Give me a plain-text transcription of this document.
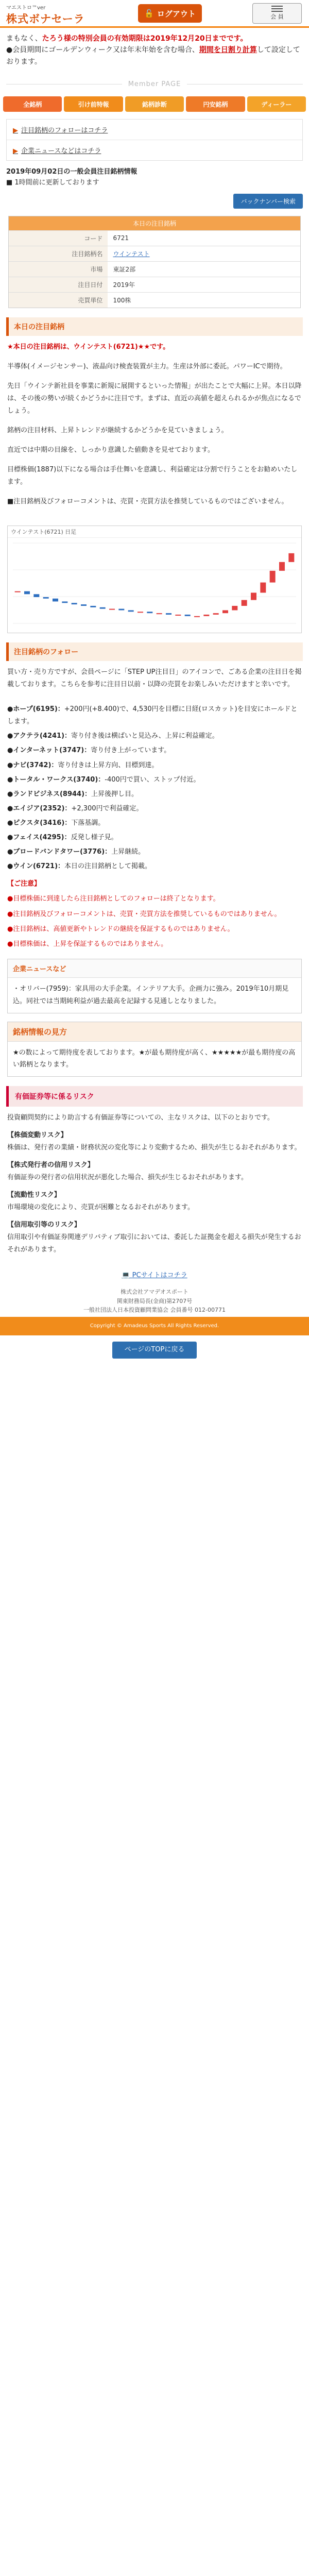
マエストロ™ver
株式ボナセーラ	🔓 ログアウト	会 員
まもなく、たろう様の特別会員の有効期限は2019年12月20日までです。
●会員期間にゴールデンウィーク又は年末年始を含む場合、期間を日割り計算して設定しております。
Member PAGE
全銘柄	引け前特報	銘柄診断	円安銘柄	ディーラー
▶ 注目銘柄のフォローはコチラ
▶ 企業ニュースなどはコチラ
2019年09月02日の一般会員注目銘柄情報
■ 1時間前に更新しております
バックナンバー検索
本日の注目銘柄
コード	6721
注目銘柄名	ウインテスト
市場	東証2部
注目日付	2019年
売買単位	100株
本日の注目銘柄

★本日の注目銘柄は、ウインテスト(6721)★★です。

半導体(イメージセンサー)、液晶向け検査装置が主力。生産は外部に委託。パワーICで期待。

先日「ウインテ新社員を事業に新規に展開するといった情報」が出たことで大幅に上昇。本日以降は、その後の勢いが続くかどうかに注目です。まずは、直近の高値を超えられるかが焦点になるでしょう。

銘柄の注目材料、上昇トレンドが継続するかどうかを見ていきましょう。

直近では中期の目線を、しっかり意識した値動きを見せております。

目標株価(1887)以下になる場合は手仕舞いを意識し、利益確定は分割で行うことをお勧めいたします。

■注目銘柄及びフォローコメントは、売買・売買方法を推奨しているものではございません。

ウインテスト(6721) 日足
注目銘柄のフォロー

買い方・売り方ですが、会員ページに「STEP UP注目日」のアイコンで、ごある企業の注目日を掲載しております。こちらを参考に注目日以前・以降の売買をお楽しみいただけますと幸いです。

●ホープ(6195)：+200円(+8.400)で、4,530円を目標に日経(ロスカット)を目安にホールドとします。
●アクテラ(4241)：寄り付き後は横ばいと見込み、上昇に利益確定。
●インターネット(3747)：寄り付き上がっています。
●ナビ(3742)：寄り付きは上昇方向、目標到達。
●トータル・ワークス(3740)：-400円で買い、ストップ付近。
●ランドビジネス(8944)：上昇後押し目。
●エイジア(2352)：+2,300円で利益確定。
●ピクスタ(3416)：下落基調。
●フェイス(4295)：反発し様子見。
●ブロードバンドタワー(3776)：上昇継続。
●ウイン(6721)：本日の注目銘柄として掲載。
【ご注意】

●目標株価に到達したら注目銘柄としてのフォローは終了となります。

●注目銘柄及びフォローコメントは、売買・売買方法を推奨しているものではありません。

●注目銘柄は、高値更新やトレンドの継続を保証するものではありません。

●目標株価は、上昇を保証するものではありません。

企業ニュースなど
・オリバー(7959)：家具用の大手企業。インテリア大手。企画力に強み。2019年10月期見込。同社では当期純利益が過去最高を記録する見通しとなりました。
銘柄情報の見方
★の数によって期待度を表しております。★が最も期待度が高く、★★★★★が最も期待度の高い銘柄となります。
有価証券等に係るリスク

投資顧問契約により助言する有価証券等についての、主なリスクは、以下のとおりです。

【株価変動リスク】

株価は、発行者の業績・財務状況の変化等により変動するため、損失が生じるおそれがあります。

【株式発行者の信用リスク】

有価証券の発行者の信用状況が悪化した場合、損失が生じるおそれがあります。

【流動性リスク】

市場環境の変化により、売買が困難となるおそれがあります。

【信用取引等のリスク】

信用取引や有価証券関連デリバティブ取引においては、委託した証拠金を超える損失が発生するおそれがあります。

💻 PCサイトはコチラ
株式会社アマデオスポート
関東財務局長(金商)第2707号
一般社団法人日本投資顧問業協会 会員番号 012-00771
Copyright © Amadeus Sports All Rights Reserved.
ページのTOPに戻る
